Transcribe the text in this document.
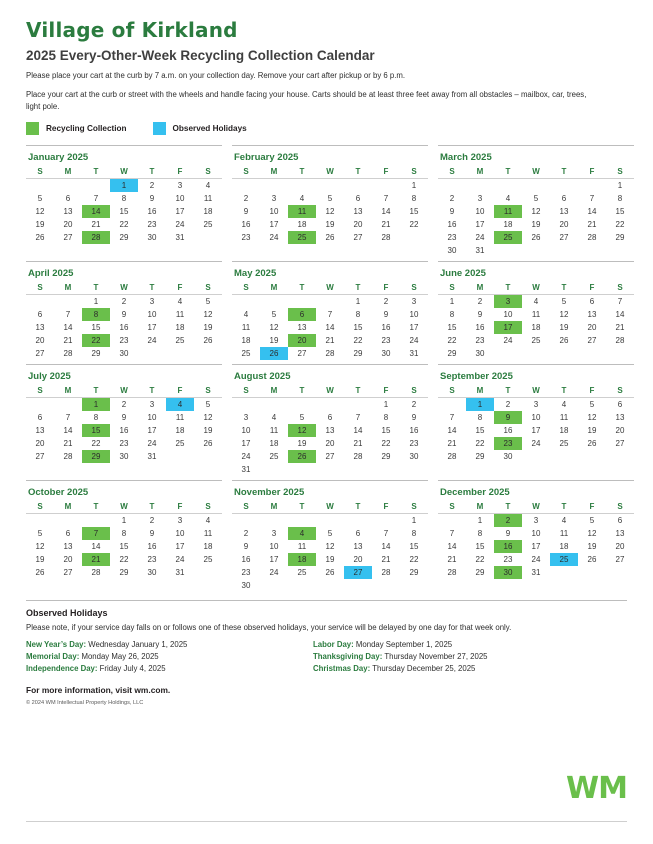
Village of Kirkland
2025 Every-Other-Week Recycling Collection Calendar

Please place your cart at the curb by 7 a.m. on your collection day. Remove your cart after pickup or by 6 p.m.

Place your cart at the curb or street with the wheels and handle facing your house. Carts should be at least three feet away from all obstacles – mailbox, car, trees, light pole.

Recycling Collection	Observed Holidays
January 2025
S	M	T	W	T	F	S

			1	2	3	4

5	6	7	8	9	10	11

12	13	14	15	16	17	18

19	20	21	22	23	24	25

26	27	28	29	30	31	

February 2025
S	M	T	W	T	F	S

						1

2	3	4	5	6	7	8

9	10	11	12	13	14	15

16	17	18	19	20	21	22

23	24	25	26	27	28	

March 2025
S	M	T	W	T	F	S

						1

2	3	4	5	6	7	8

9	10	11	12	13	14	15

16	17	18	19	20	21	22

23	24	25	26	27	28	29

30	31					

April 2025
S	M	T	W	T	F	S

		1	2	3	4	5

6	7	8	9	10	11	12

13	14	15	16	17	18	19

20	21	22	23	24	25	26

27	28	29	30			

May 2025
S	M	T	W	T	F	S

				1	2	3

4	5	6	7	8	9	10

11	12	13	14	15	16	17

18	19	20	21	22	23	24

25	26	27	28	29	30	31
June 2025
S	M	T	W	T	F	S

1	2	3	4	5	6	7

8	9	10	11	12	13	14

15	16	17	18	19	20	21

22	23	24	25	26	27	28

29	30					

July 2025
S	M	T	W	T	F	S

		1	2	3	4	5

6	7	8	9	10	11	12

13	14	15	16	17	18	19

20	21	22	23	24	25	26

27	28	29	30	31		

August 2025
S	M	T	W	T	F	S

					1	2

3	4	5	6	7	8	9

10	11	12	13	14	15	16

17	18	19	20	21	22	23

24	25	26	27	28	29	30

31						

September 2025
S	M	T	W	T	F	S

	1	2	3	4	5	6

7	8	9	10	11	12	13

14	15	16	17	18	19	20

21	22	23	24	25	26	27

28	29	30				

October 2025
S	M	T	W	T	F	S

			1	2	3	4

5	6	7	8	9	10	11

12	13	14	15	16	17	18

19	20	21	22	23	24	25

26	27	28	29	30	31	

November 2025
S	M	T	W	T	F	S

						1

2	3	4	5	6	7	8

9	10	11	12	13	14	15

16	17	18	19	20	21	22

23	24	25	26	27	28	29

30						

December 2025
S	M	T	W	T	F	S

	1	2	3	4	5	6

7	8	9	10	11	12	13

14	15	16	17	18	19	20

21	22	23	24	25	26	27

28	29	30	31			

Observed Holidays

Please note, if your service day falls on or follows one of these observed holidays, your service will be delayed by one day for that week only.

New Year’s Day: Wednesday January 1, 2025	Labor Day: Monday September 1, 2025
Memorial Day: Monday May 26, 2025	Thanksgiving Day: Thursday November 27, 2025
Independence Day: Friday July 4, 2025	Christmas Day: Thursday December 25, 2025

For more information, visit wm.com.

© 2024 WM Intellectual Property Holdings, LLC

WM
